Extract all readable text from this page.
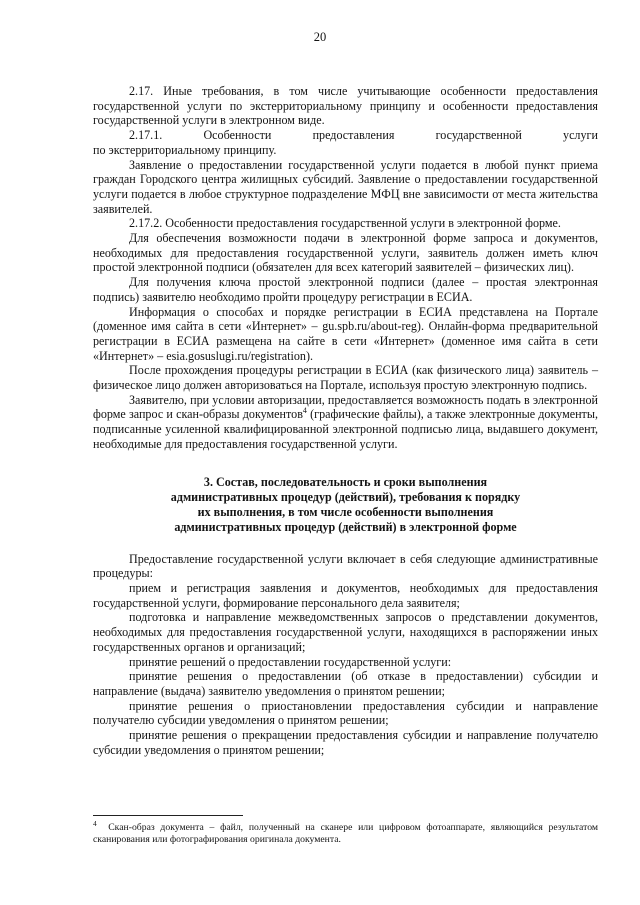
20

2.17. Иные требования, в том числе учитывающие особенности предоставления государственной услуги по экстерриториальному принципу и особенности предоставления государственной услуги в электронном виде.

2.17.1.	Особенности	предоставления	государственной	услуги

по экстерриториальному принципу.

Заявление о предоставлении государственной услуги подается в любой пункт приема граждан Городского центра жилищных субсидий. Заявление о предоставлении государственной услуги подается в любое структурное подразделение МФЦ вне зависимости от места жительства заявителей.

2.17.2. Особенности предоставления государственной услуги в электронной форме.

Для обеспечения возможности подачи в электронной форме запроса и документов, необходимых для предоставления государственной услуги, заявитель должен иметь ключ простой электронной подписи (обязателен для всех категорий заявителей – физических лиц).

Для получения ключа простой электронной подписи (далее – простая электронная подпись) заявителю необходимо пройти процедуру регистрации в ЕСИА.

Информация о способах и порядке регистрации в ЕСИА представлена на Портале (доменное имя сайта в сети «Интернет» – gu.spb.ru/about-reg). Онлайн-форма предварительной регистрации в ЕСИА размещена на сайте в сети «Интернет» (доменное имя сайта в сети «Интернет» – esia.gosuslugi.ru/registration).

После прохождения процедуры регистрации в ЕСИА (как физического лица) заявитель – физическое лицо должен авторизоваться на Портале, используя простую электронную подпись.

Заявителю, при условии авторизации, предоставляется возможность подать в электронной форме запрос и скан-образы документов$^4$ (графические файлы), а также электронные документы, подписанные усиленной квалифицированной электронной подписью лица, выдавшего документ, необходимые для предоставления государственной услуги.

3. Состав, последовательность и сроки выполнения
административных процедур (действий), требования к порядку
их выполнения, в том числе особенности выполнения
административных процедур (действий) в электронной форме

Предоставление государственной услуги включает в себя следующие административные процедуры:

прием и регистрация заявления и документов, необходимых для предоставления государственной услуги, формирование персонального дела заявителя;

подготовка и направление межведомственных запросов о представлении документов, необходимых для предоставления государственной услуги, находящихся в распоряжении иных государственных органов и организаций;

принятие решений о предоставлении государственной услуги:

принятие решения о предоставлении (об отказе в предоставлении) субсидии и направление (выдача) заявителю уведомления о принятом решении;

принятие решения о приостановлении предоставления субсидии и направление получателю субсидии уведомления о принятом решении;

принятие решения о прекращении предоставления субсидии и направление получателю субсидии уведомления о принятом решении;

$^4$ Скан-образ документа – файл, полученный на сканере или цифровом фотоаппарате, являющийся результатом сканирования или фотографирования оригинала документа.
